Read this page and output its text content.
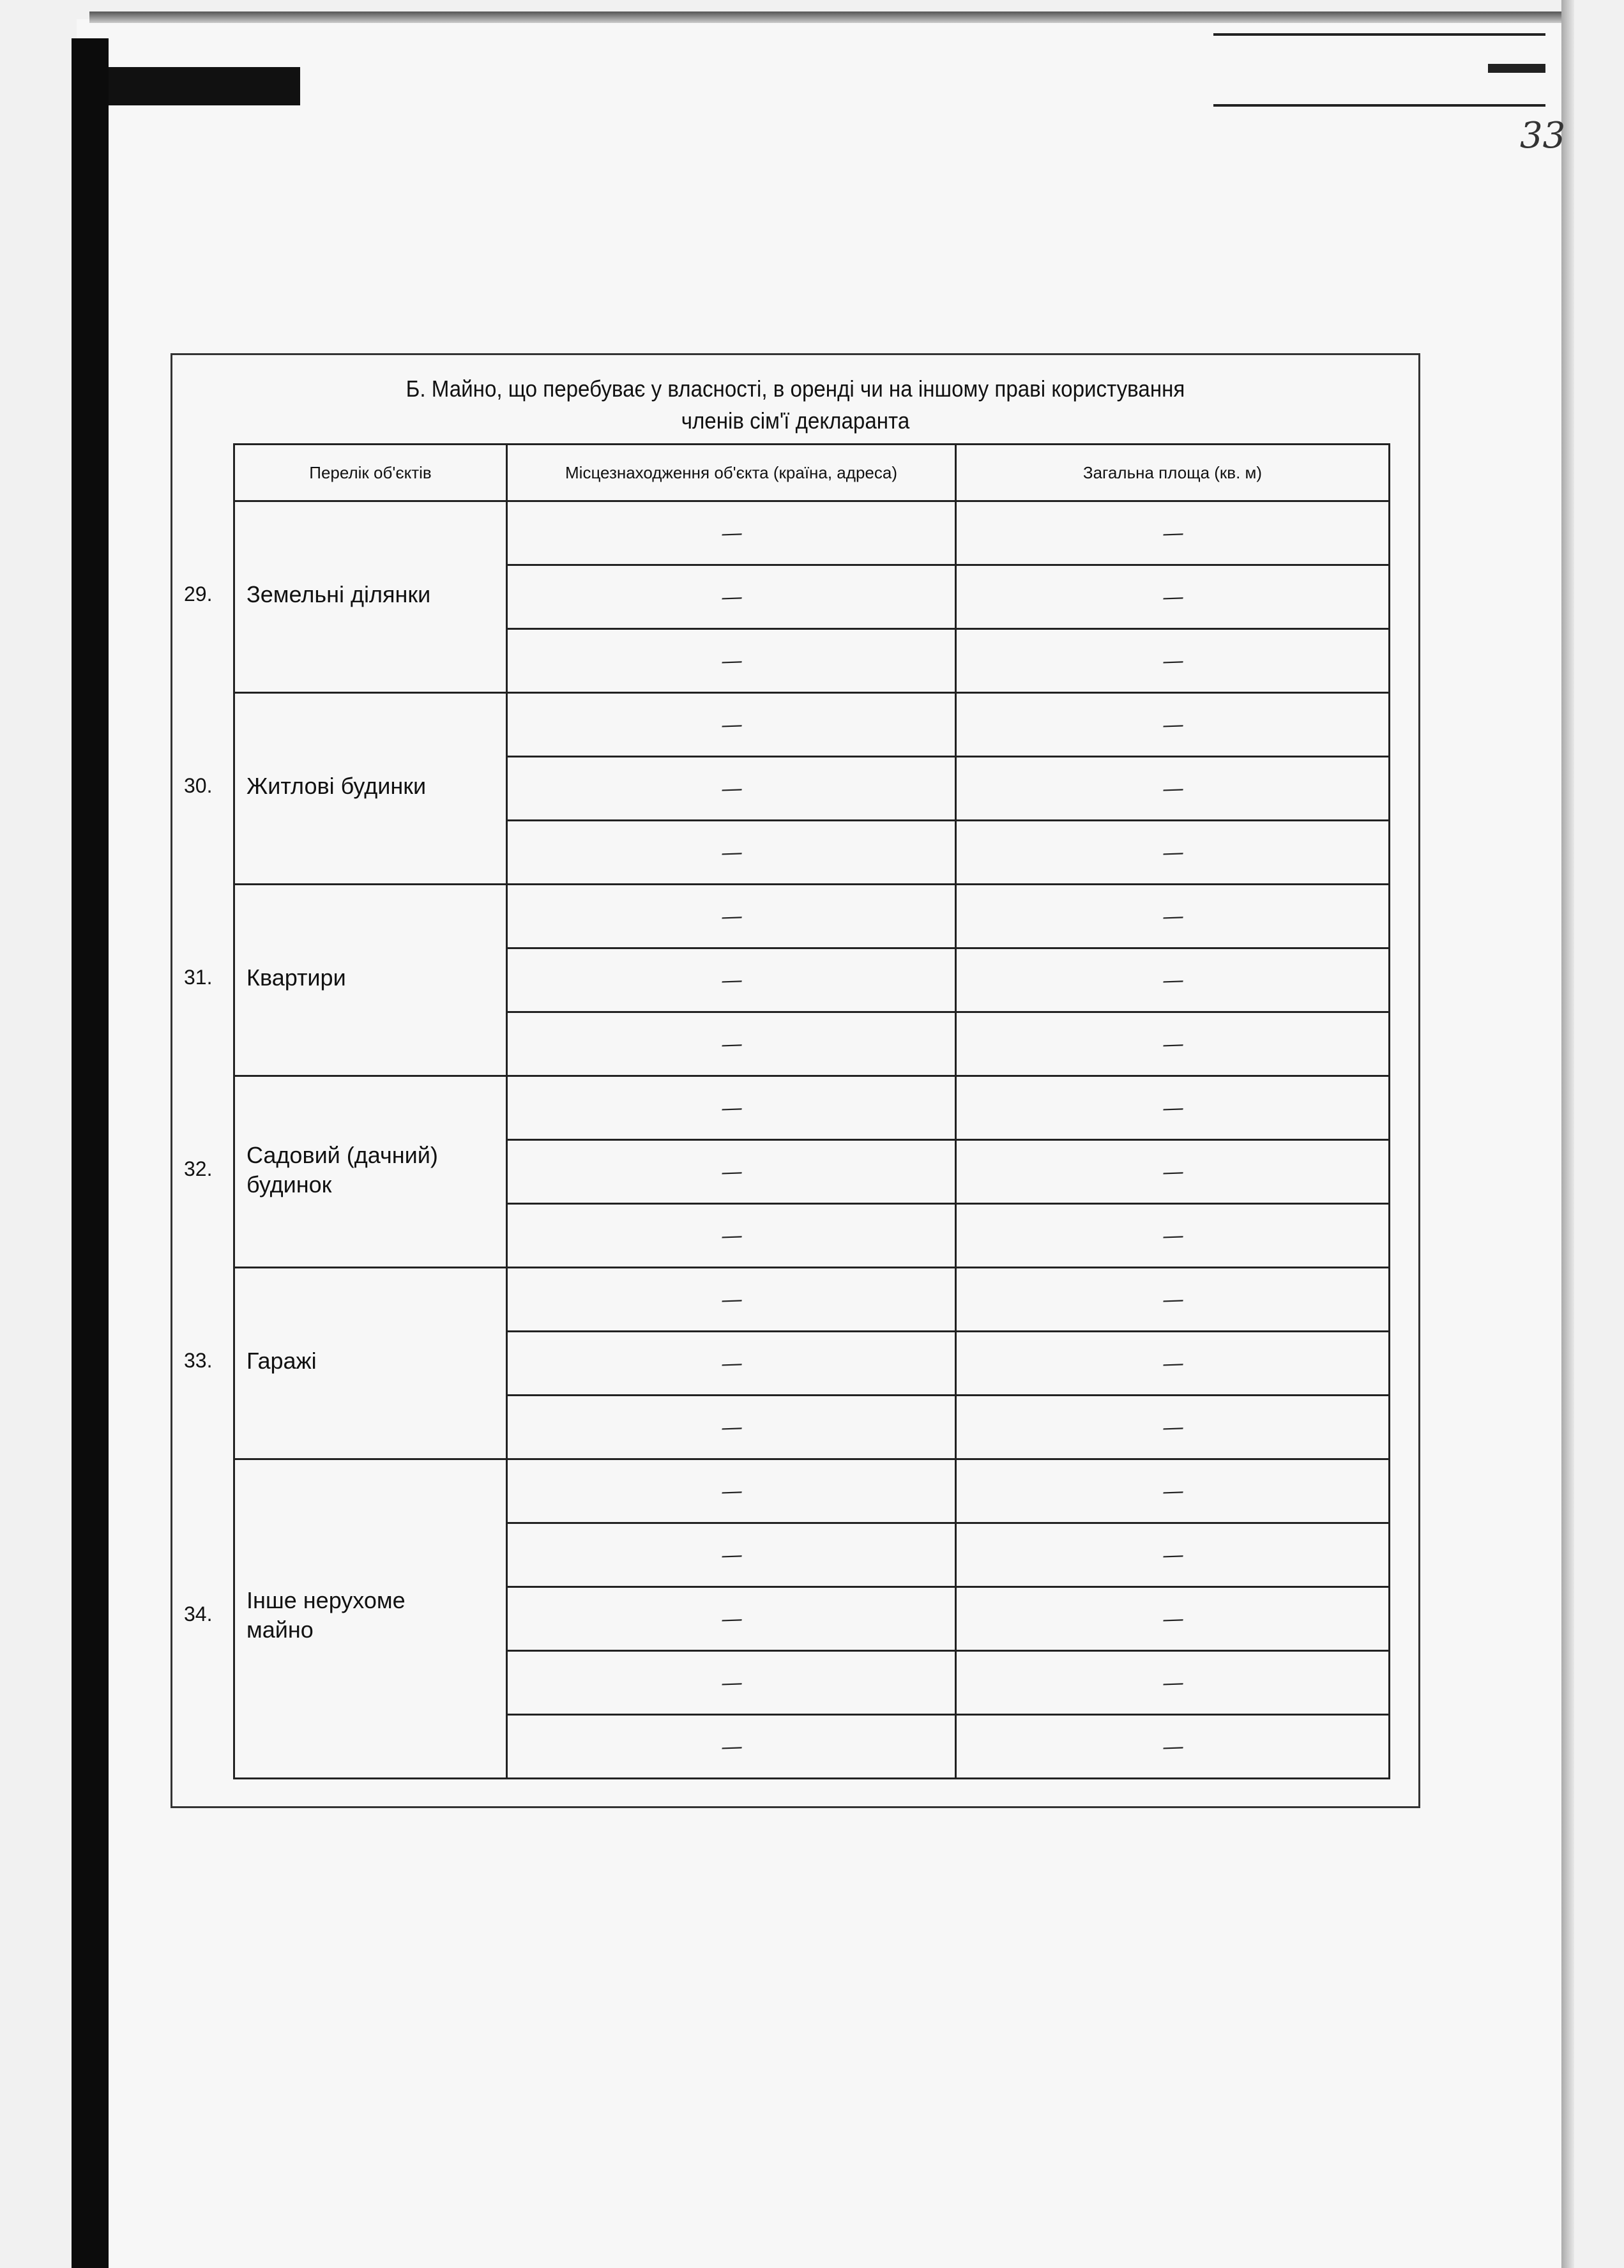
33
Б. Майно, що перебуває у власності, в оренді чи на іншому праві користування
членів сім'ї декларанта
Перелік об'єктів	Місцезнаходження об'єкта (країна, адреса)	Загальна площа (кв. м)

29. Земельні ділянки	—	—
	—	—
	—	—

30. Житлові будинки	—	—
	—	—
	—	—

31. Квартири	—	—
	—	—
	—	—

32.
Садовий (дачний) будинок	—	—
	—	—
	—	—

33. Гаражі	—	—
	—	—
	—	—

34.
Інше нерухоме майно	—	—
	—	—
	—	—
	—	—
	—	—
